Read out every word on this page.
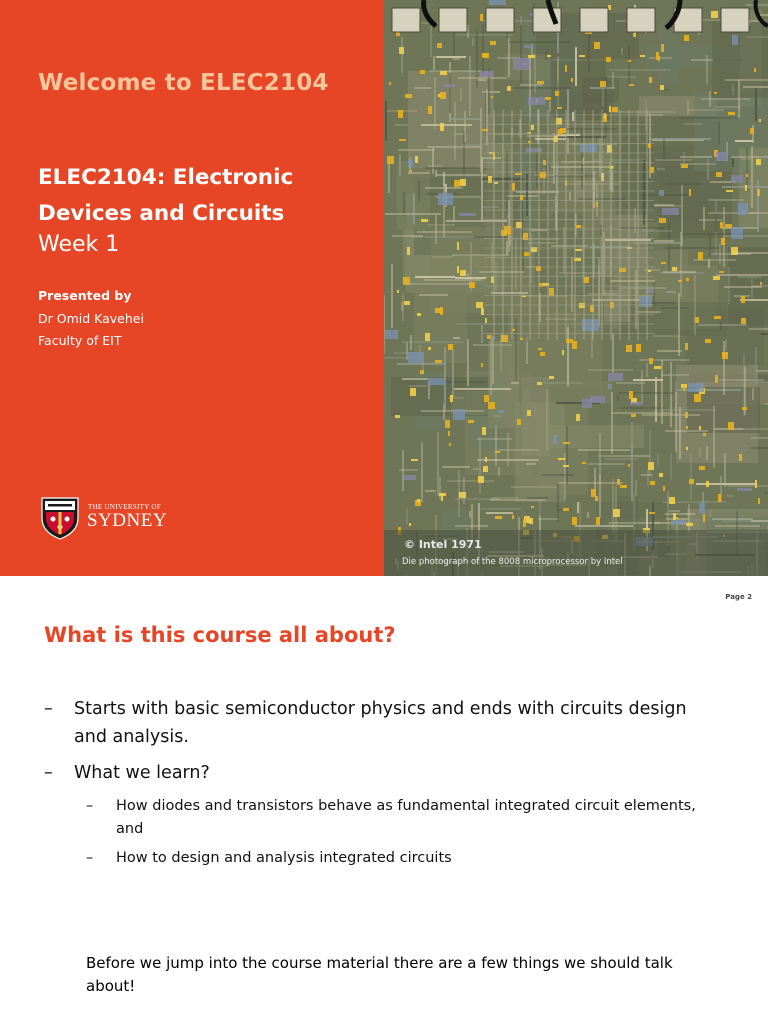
Welcome to ELEC2104
ELEC2104: Electronic
Devices and Circuits
Week 1
Presented by
Dr Omid Kavehei
Faculty of EIT
THE UNIVERSITY OF
SYDNEY
© Intel 1971
Die photograph of the 8008 microprocessor by Intel
Page 2
What is this course all about?
– Starts with basic semiconductor physics and ends with circuits design and analysis.
– What we learn?
– How diodes and transistors behave as fundamental integrated circuit elements, and
– How to design and analysis integrated circuits
Before we jump into the course material there are a few things we should talk about!
